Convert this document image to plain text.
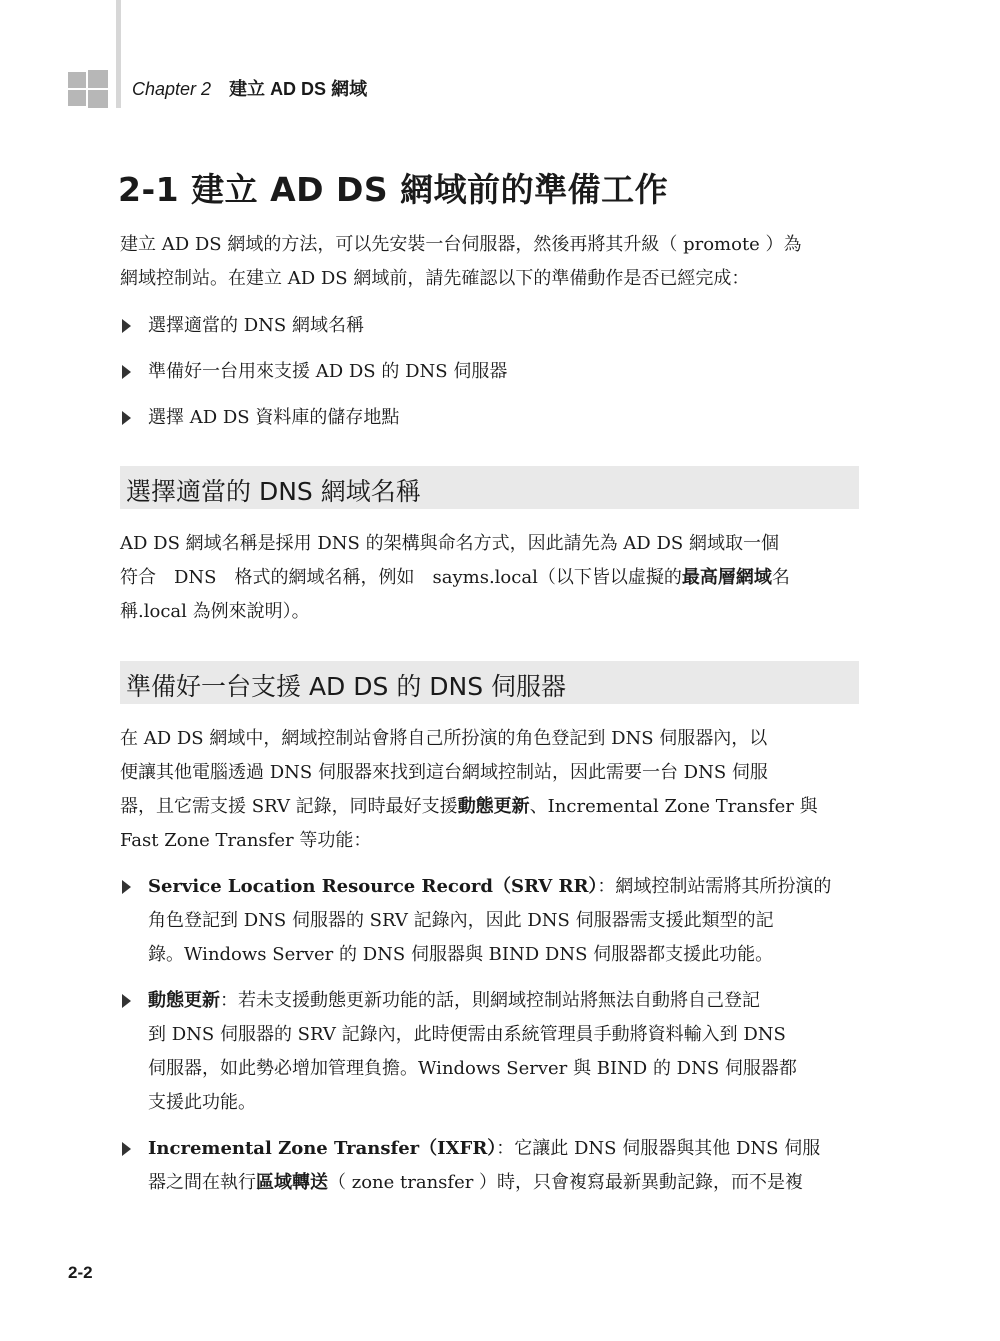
Chapter 2 建立 AD DS 網域
2-1 建立 AD DS 網域前的準備工作
建立 AD DS 網域的方法，可以先安裝一台伺服器，然後再將其升級（ promote ）為
網域控制站。在建立 AD DS 網域前，請先確認以下的準備動作是否已經完成：
選擇適當的 DNS 網域名稱
準備好一台用來支援 AD DS 的 DNS 伺服器
選擇 AD DS 資料庫的儲存地點
選擇適當的 DNS 網域名稱
AD DS 網域名稱是採用 DNS 的架構與命名方式，因此請先為 AD DS 網域取一個
符合　DNS　格式的網域名稱，例如　sayms.local（以下皆以虛擬的最高層網域名
稱.local 為例來說明）。
準備好一台支援 AD DS 的 DNS 伺服器
在 AD DS 網域中，網域控制站會將自己所扮演的角色登記到 DNS 伺服器內，以
便讓其他電腦透過 DNS 伺服器來找到這台網域控制站，因此需要一台 DNS 伺服
器，且它需支援 SRV 記錄，同時最好支援動態更新、Incremental Zone Transfer 與
Fast Zone Transfer 等功能：
Service Location Resource Record（SRV RR）：網域控制站需將其所扮演的
角色登記到 DNS 伺服器的 SRV 記錄內，因此 DNS 伺服器需支援此類型的記
錄。Windows Server 的 DNS 伺服器與 BIND DNS 伺服器都支援此功能。
動態更新：若未支援動態更新功能的話，則網域控制站將無法自動將自己登記
到 DNS 伺服器的 SRV 記錄內，此時便需由系統管理員手動將資料輸入到 DNS
伺服器，如此勢必增加管理負擔。Windows Server 與 BIND 的 DNS 伺服器都
支援此功能。
Incremental Zone Transfer（IXFR）：它讓此 DNS 伺服器與其他 DNS 伺服
器之間在執行區域轉送（ zone transfer ）時，只會複寫最新異動記錄，而不是複
2-2
